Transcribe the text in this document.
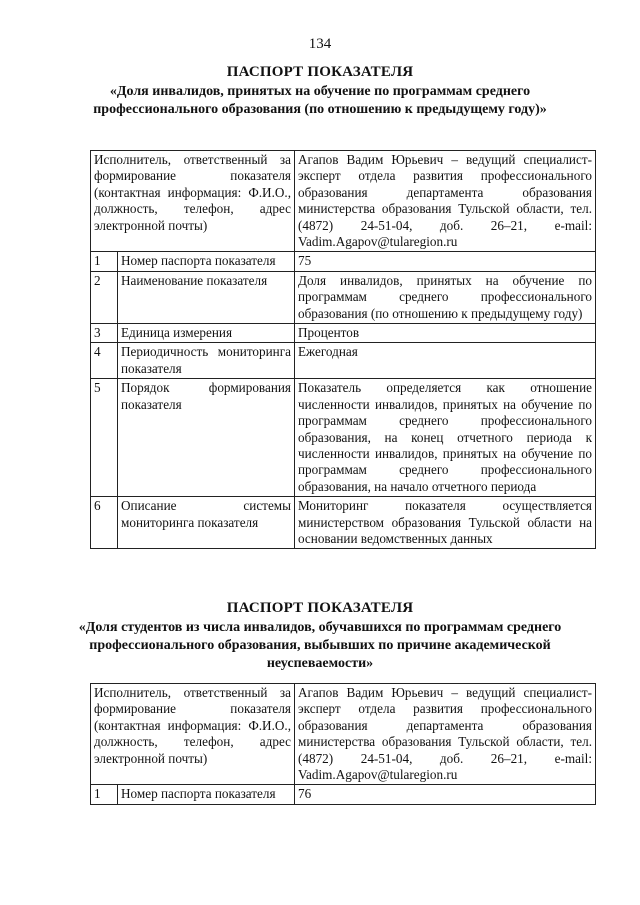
134

ПАСПОРТ ПОКАЗАТЕЛЯ

«Доля инвалидов, принятых на обучение по программам среднего профессионального образования (по отношению к предыдущему году)»

Исполнитель, ответственный за формирование показателя (контактная информация: Ф.И.О., должность, телефон, адрес электронной почты)		Агапов Вадим Юрьевич – ведущий специалист-эксперт отдела развития профессионального образования департамента образования министерства образования Тульской области, тел. (4872) 24-51-04, доб. 26–21, e-mail: Vadim.Agapov@tularegion.ru
1	Номер паспорта показателя	75
2	Наименование показателя	Доля инвалидов, принятых на обучение по программам среднего профессионального образования (по отношению к предыдущему году)
3	Единица измерения	Процентов
4	Периодичность мониторинга показателя	Ежегодная
5	Порядок формирования показателя	Показатель определяется как отношение численности инвалидов, принятых на обучение по программам среднего профессионального образования, на конец отчетного периода к численности инвалидов, принятых на обучение по программам среднего профессионального образования, на начало отчетного периода
6	Описание системы мониторинга показателя	Мониторинг показателя осуществляется министерством образования Тульской области на основании ведомственных данных

ПАСПОРТ ПОКАЗАТЕЛЯ

«Доля студентов из числа инвалидов, обучавшихся по программам среднего профессионального образования, выбывших по причине академической неуспеваемости»

Исполнитель, ответственный за формирование показателя (контактная информация: Ф.И.О., должность, телефон, адрес электронной почты)		Агапов Вадим Юрьевич – ведущий специалист-эксперт отдела развития профессионального образования департамента образования министерства образования Тульской области, тел. (4872) 24-51-04, доб. 26–21, e-mail: Vadim.Agapov@tularegion.ru
1	Номер паспорта показателя	76
